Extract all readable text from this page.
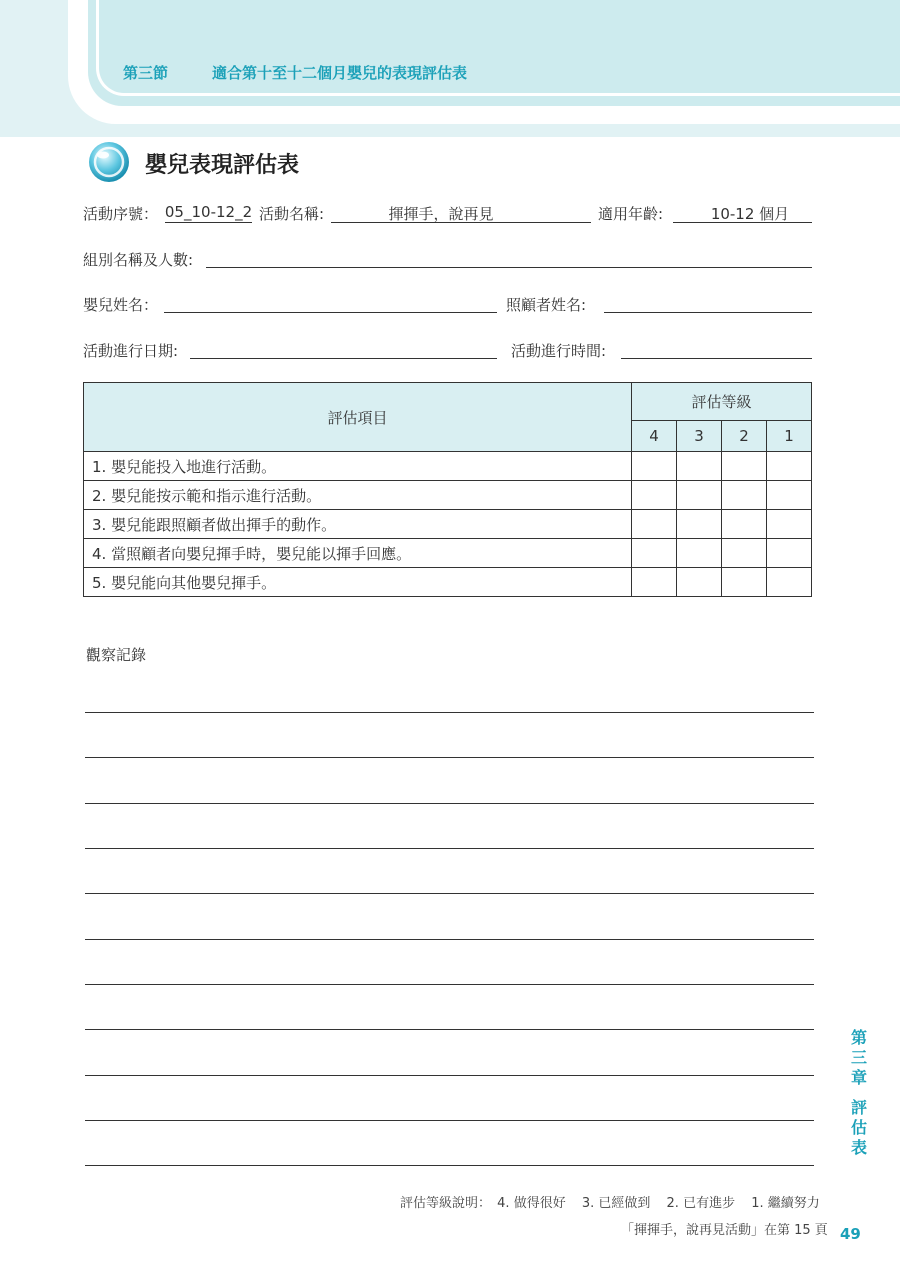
第三節	適合第十至十二個月嬰兒的表現評估表
嬰兒表現評估表
活動序號： 05_10-12_2 活動名稱:	揮揮手，說再見	適用年齡:	10-12 個月
組別名稱及人數:
嬰兒姓名：	照顧者姓名:
活動進行日期:	活動進行時間:
評估項目	評估等級			
	4	3	2	1
1. 嬰兒能投入地進行活動。				
2. 嬰兒能按示範和指示進行活動。				
3. 嬰兒能跟照顧者做出揮手的動作。				
4. 當照顧者向嬰兒揮手時，嬰兒能以揮手回應。				
5. 嬰兒能向其他嬰兒揮手。				
觀察記錄
第三章
評估表
評估等級說明： 4. 做得很好 3. 已經做到 2. 已有進步 1. 繼續努力
「揮揮手，說再見活動」在第 15 頁 49
